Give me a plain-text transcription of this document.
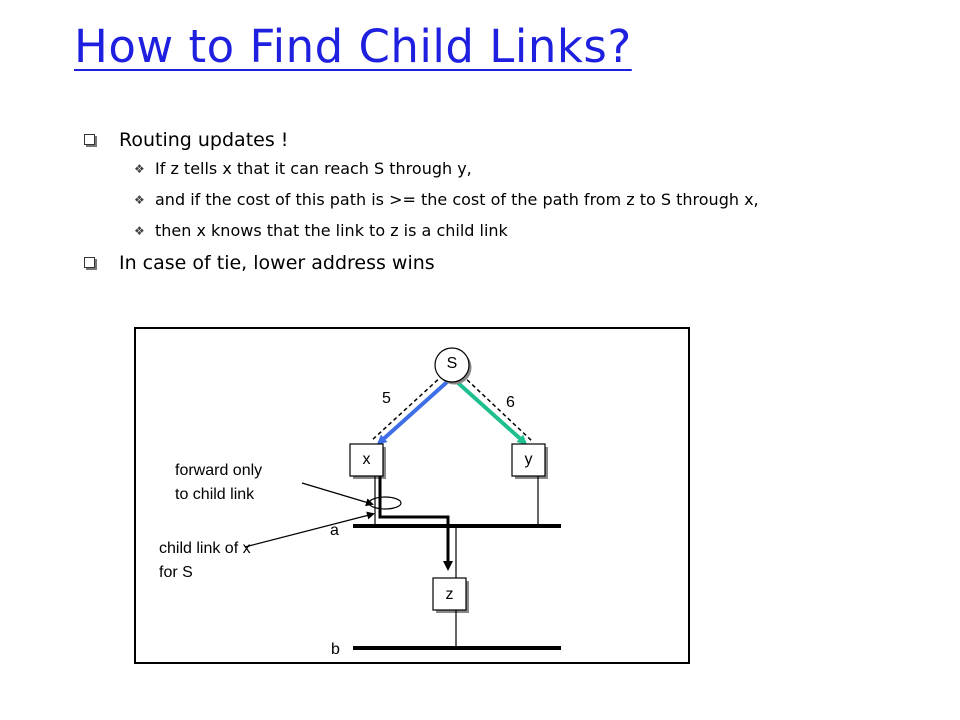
How to Find Child Links?
Routing updates !
❖ If z tells x that it can reach S through y,
❖ and if the cost of this path is >= the cost of the path from z to S through x,
❖ then x knows that the link to z is a child link
In case of tie, lower address wins
S
x	y
z
5	6
a
b
forward only
to child link
child link of x
for S
